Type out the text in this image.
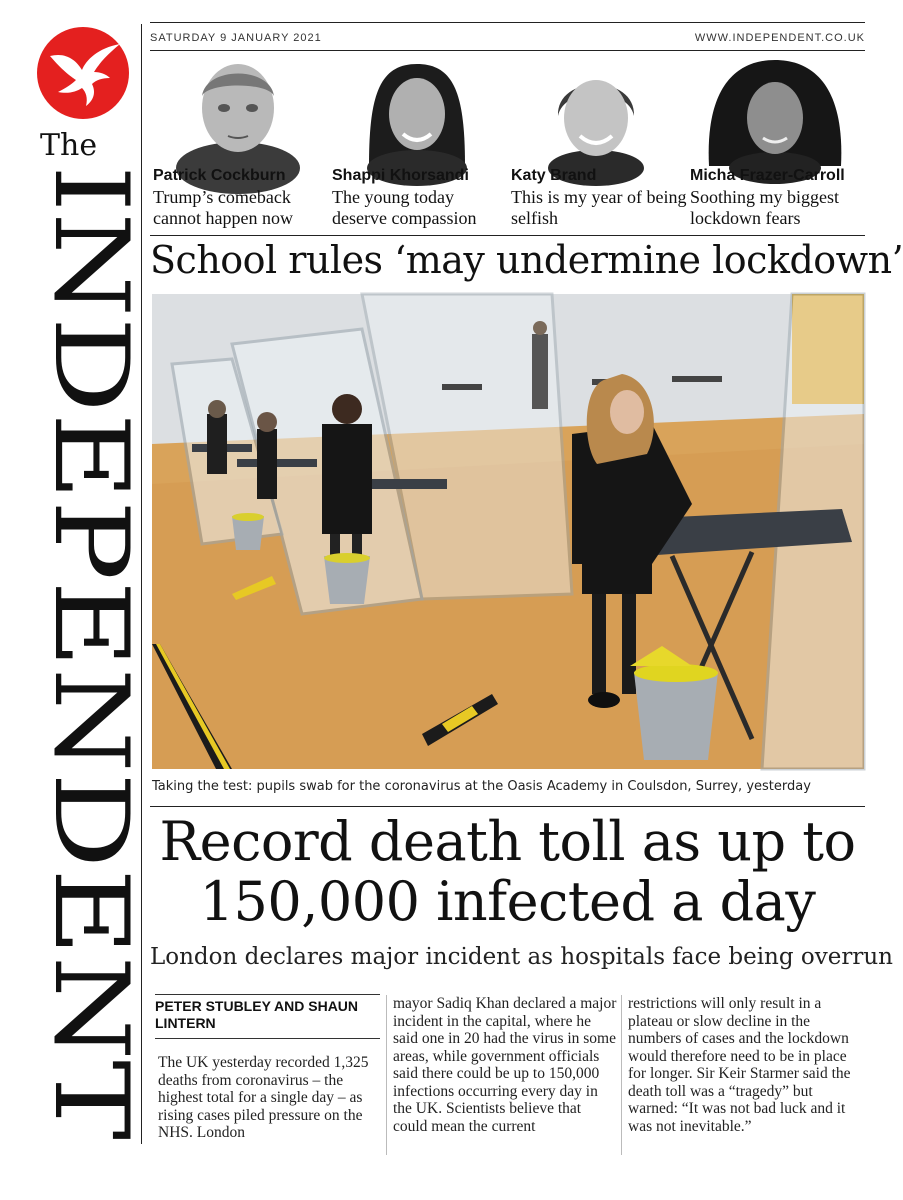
The
INDEPENDENT
SATURDAY 9 JANUARY 2021	WWW.INDEPENDENT.CO.UK
Patrick Cockburn
Trump’s comeback cannot happen now
Shappi Khorsandi
The young today deserve compassion
Katy Brand
This is my year of being selfish
Micha Frazer-Carroll
Soothing my biggest lockdown fears
School rules ‘may undermine lockdown’
Taking the test: pupils swab for the coronavirus at the Oasis Academy in Coulsdon, Surrey, yesterday
Record death toll as up to 150,000 infected a day
London declares major incident as hospitals face being overrun
PETER STUBLEY AND SHAUN LINTERN
The UK yesterday recorded 1,325 deaths from coronavirus – the highest total for a single day – as rising cases piled pressure on the NHS. London
mayor Sadiq Khan declared a major incident in the capital, where he said one in 20 had the virus in some areas, while government officials said there could be up to 150,000 infections occurring every day in the UK. Scientists believe that could mean the current
restrictions will only result in a plateau or slow decline in the numbers of cases and the lockdown would therefore need to be in place for longer. Sir Keir Starmer said the death toll was a “tragedy” but warned: “It was not bad luck and it was not inevitable.”
